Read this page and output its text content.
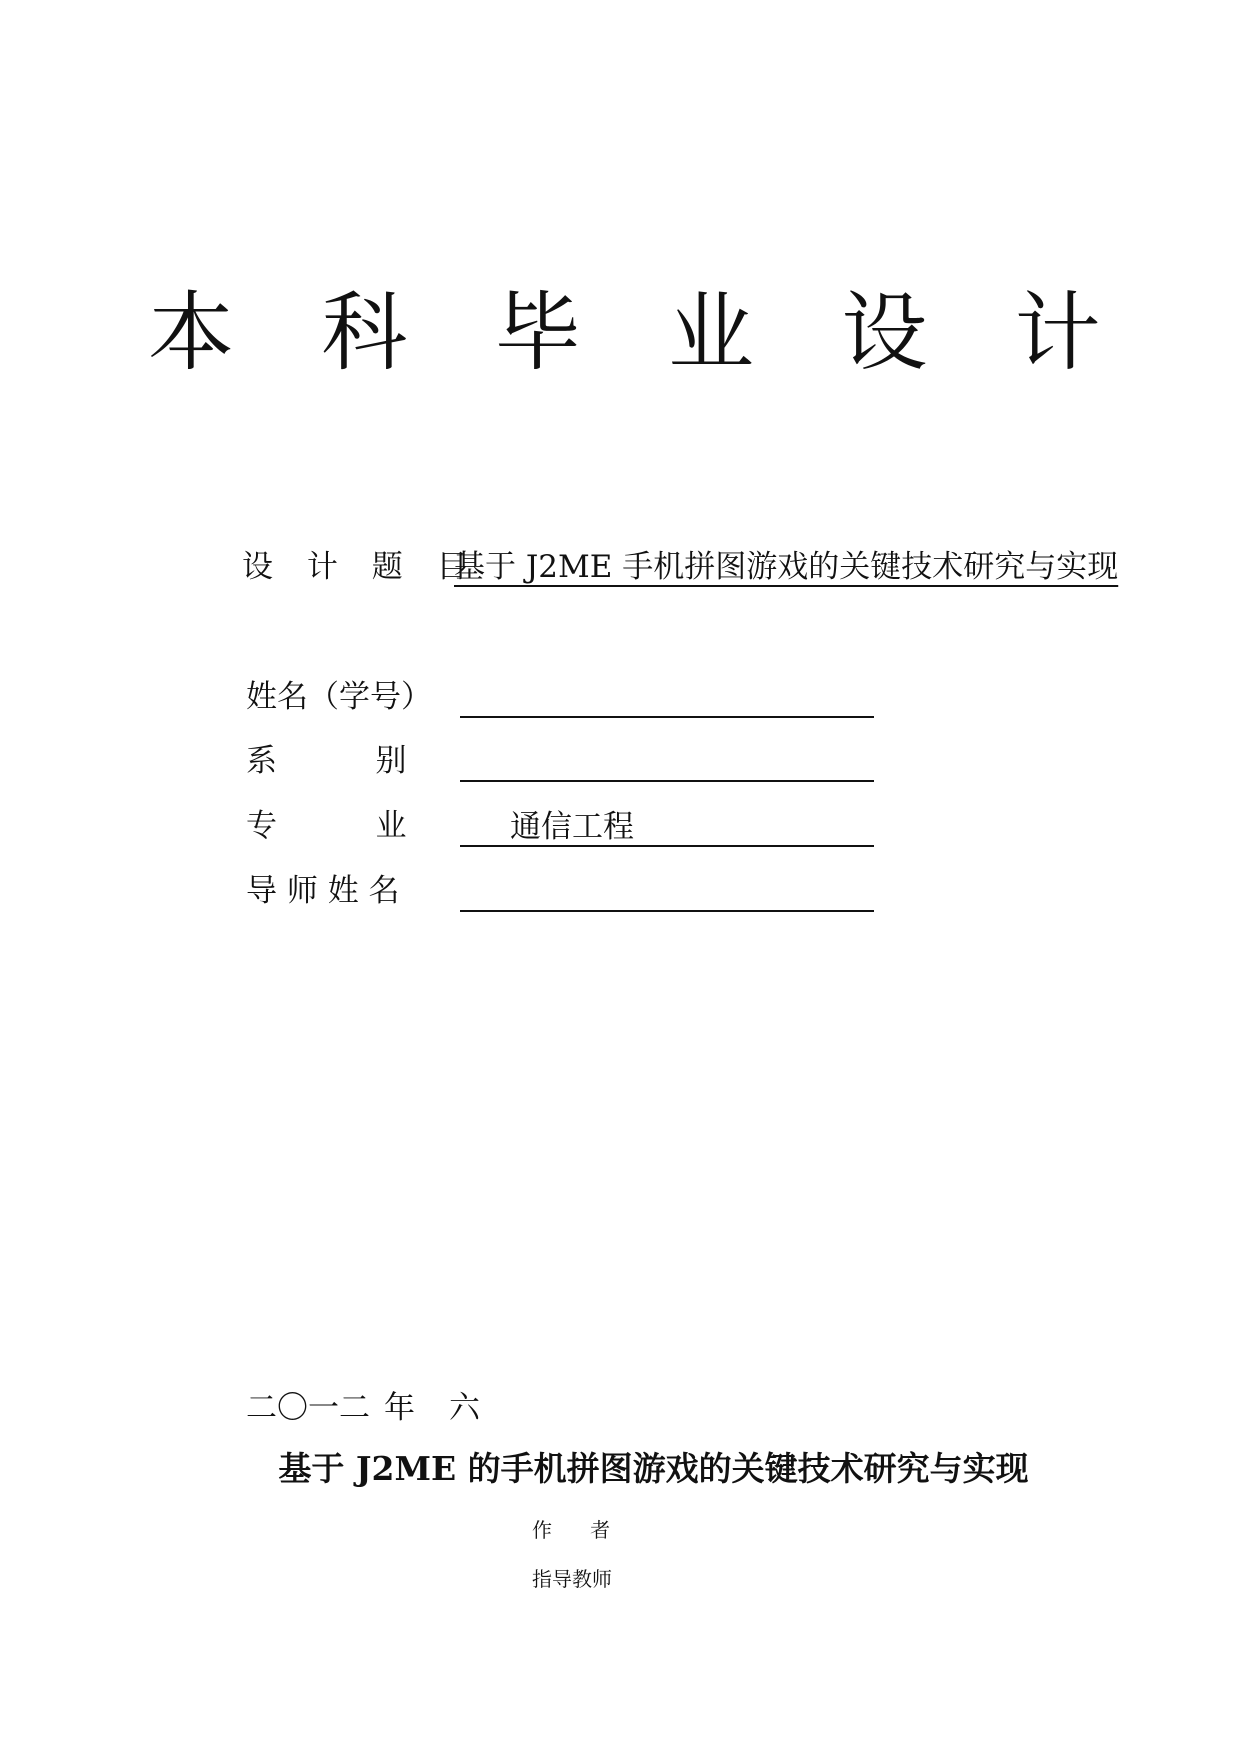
本 科 毕 业 设 计
设 计 题 目
基于 J2ME 手机拼图游戏的关键技术研究与实现
姓名（学号）
系          别
专          业	通信工程
导 师 姓 名
二〇一二 年 六
基于 J2ME 的手机拼图游戏的关键技术研究与实现
作      者
指导教师
